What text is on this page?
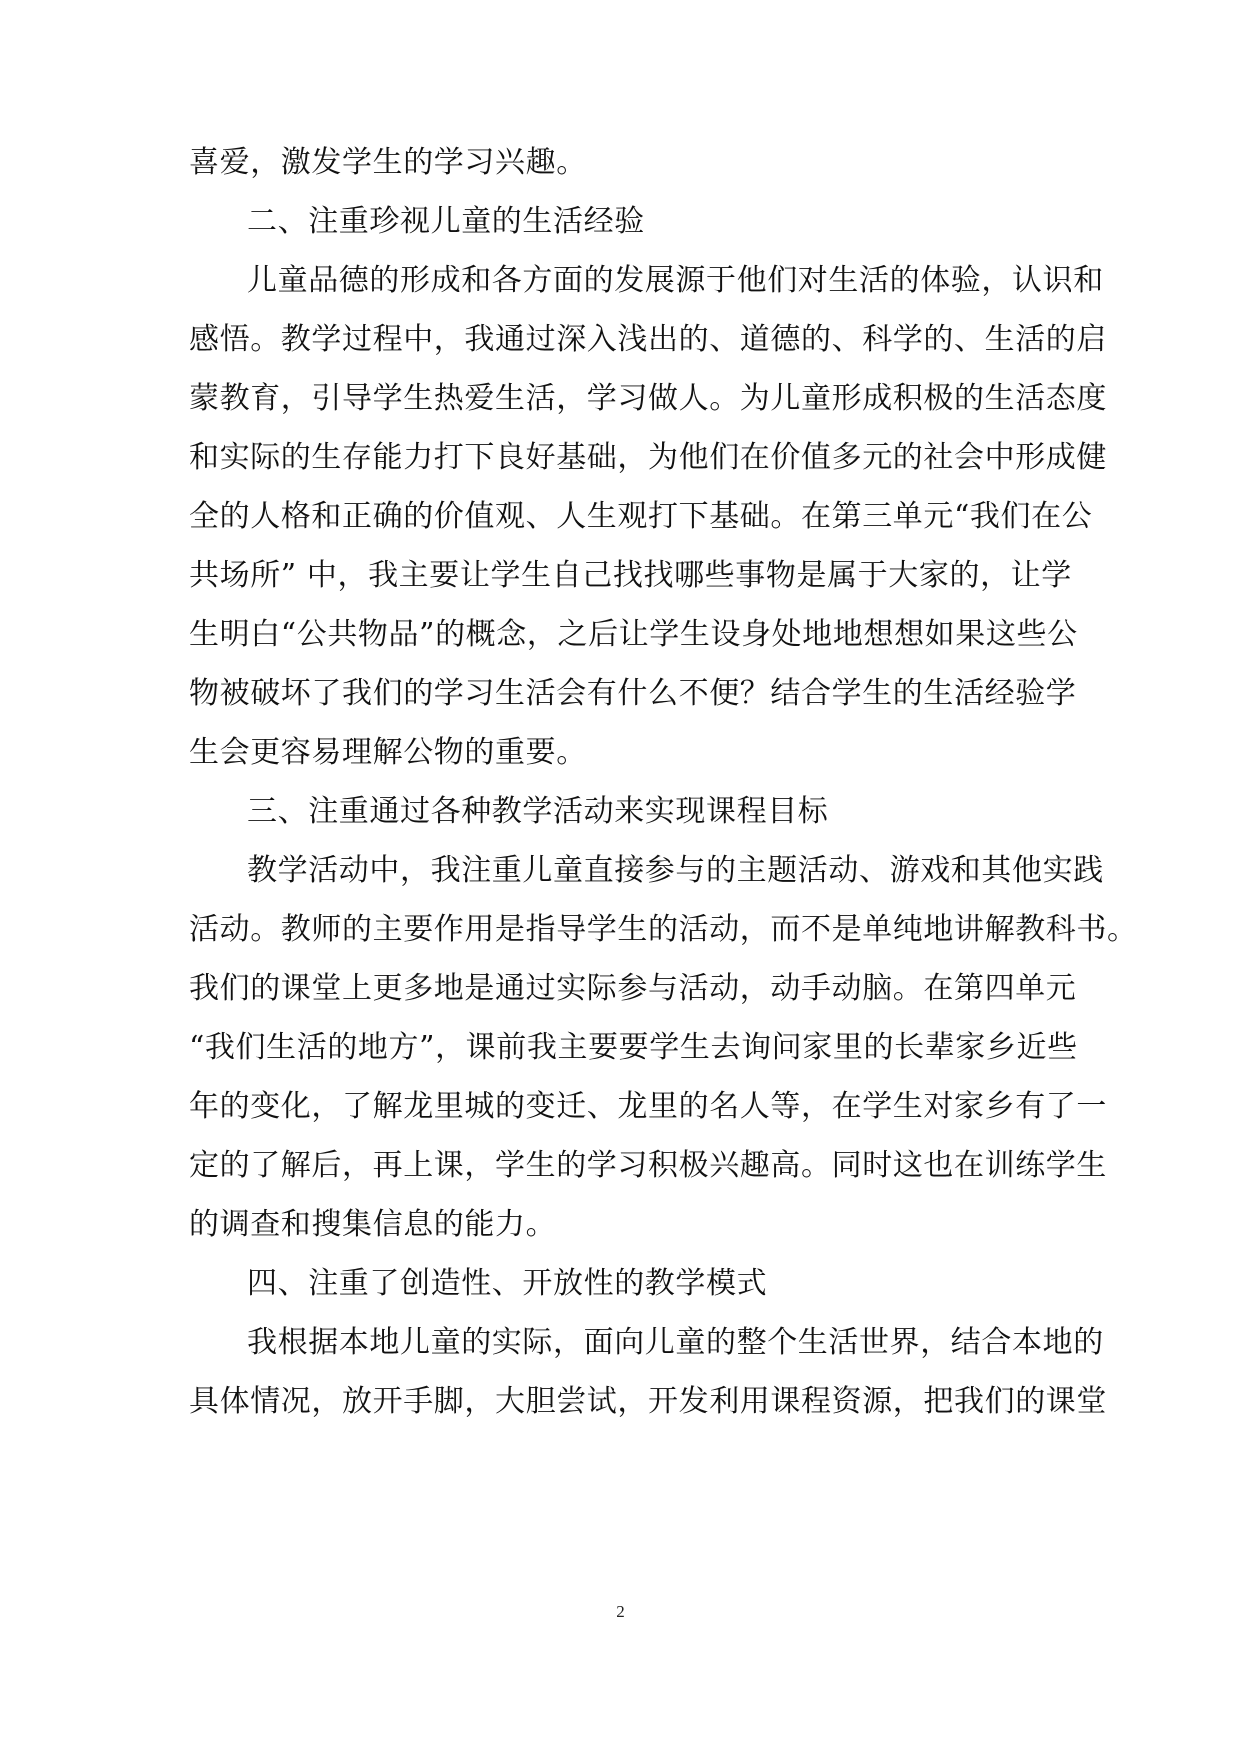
喜爱，激发学生的学习兴趣。
二、注重珍视儿童的生活经验
儿童品德的形成和各方面的发展源于他们对生活的体验，认识和
感悟。教学过程中，我通过深入浅出的、道德的、科学的、生活的启
蒙教育，引导学生热爱生活，学习做人。为儿童形成积极的生活态度
和实际的生存能力打下良好基础，为他们在价值多元的社会中形成健
全的人格和正确的价值观、人生观打下基础。在第三单元“我们在公
共场所” 中，我主要让学生自己找找哪些事物是属于大家的，让学
生明白“公共物品”的概念，之后让学生设身处地地想想如果这些公
物被破坏了我们的学习生活会有什么不便？结合学生的生活经验学
生会更容易理解公物的重要。
三、注重通过各种教学活动来实现课程目标
教学活动中，我注重儿童直接参与的主题活动、游戏和其他实践
活动。教师的主要作用是指导学生的活动，而不是单纯地讲解教科书。
我们的课堂上更多地是通过实际参与活动，动手动脑。在第四单元
“我们生活的地方”，课前我主要要学生去询问家里的长辈家乡近些
年的变化，了解龙里城的变迁、龙里的名人等，在学生对家乡有了一
定的了解后，再上课，学生的学习积极兴趣高。同时这也在训练学生
的调查和搜集信息的能力。
四、注重了创造性、开放性的教学模式
我根据本地儿童的实际，面向儿童的整个生活世界，结合本地的
具体情况，放开手脚，大胆尝试，开发利用课程资源，把我们的课堂
2
